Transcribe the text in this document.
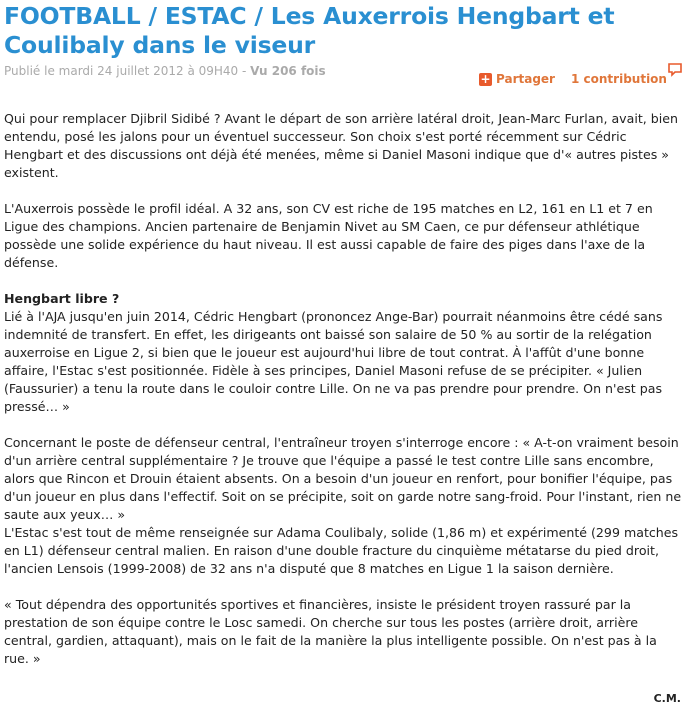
FOOTBALL / ESTAC / Les Auxerrois Hengbart et Coulibaly dans le viseur
Publié le mardi 24 juillet 2012 à 09H40 - Vu 206 fois
+ Partager 1 contribution

Qui pour remplacer Djibril Sidibé ? Avant le départ de son arrière latéral droit, Jean-Marc Furlan, avait, bien entendu, posé les jalons pour un éventuel successeur. Son choix s'est porté récemment sur Cédric Hengbart et des discussions ont déjà été menées, même si Daniel Masoni indique que d'« autres pistes » existent.

L'Auxerrois possède le profil idéal. A 32 ans, son CV est riche de 195 matches en L2, 161 en L1 et 7 en Ligue des champions. Ancien partenaire de Benjamin Nivet au SM Caen, ce pur défenseur athlétique possède une solide expérience du haut niveau. Il est aussi capable de faire des piges dans l'axe de la défense.

Hengbart libre ?

Lié à l'AJA jusqu'en juin 2014, Cédric Hengbart (prononcez Ange-Bar) pourrait néanmoins être cédé sans indemnité de transfert. En effet, les dirigeants ont baissé son salaire de 50 % au sortir de la relégation auxerroise en Ligue 2, si bien que le joueur est aujourd'hui libre de tout contrat. À l'affût d'une bonne affaire, l'Estac s'est positionnée. Fidèle à ses principes, Daniel Masoni refuse de se précipiter. « Julien (Faussurier) a tenu la route dans le couloir contre Lille. On ne va pas prendre pour prendre. On n'est pas pressé… »

Concernant le poste de défenseur central, l'entraîneur troyen s'interroge encore : « A-t-on vraiment besoin d'un arrière central supplémentaire ? Je trouve que l'équipe a passé le test contre Lille sans encombre, alors que Rincon et Drouin étaient absents. On a besoin d'un joueur en renfort, pour bonifier l'équipe, pas d'un joueur en plus dans l'effectif. Soit on se précipite, soit on garde notre sang-froid. Pour l'instant, rien ne saute aux yeux… »

L'Estac s'est tout de même renseignée sur Adama Coulibaly, solide (1,86 m) et expérimenté (299 matches en L1) défenseur central malien. En raison d'une double fracture du cinquième métatarse du pied droit, l'ancien Lensois (1999-2008) de 32 ans n'a disputé que 8 matches en Ligue 1 la saison dernière.

« Tout dépendra des opportunités sportives et financières, insiste le président troyen rassuré par la prestation de son équipe contre le Losc samedi. On cherche sur tous les postes (arrière droit, arrière central, gardien, attaquant), mais on le fait de la manière la plus intelligente possible. On n'est pas à la rue. »

C.M.
